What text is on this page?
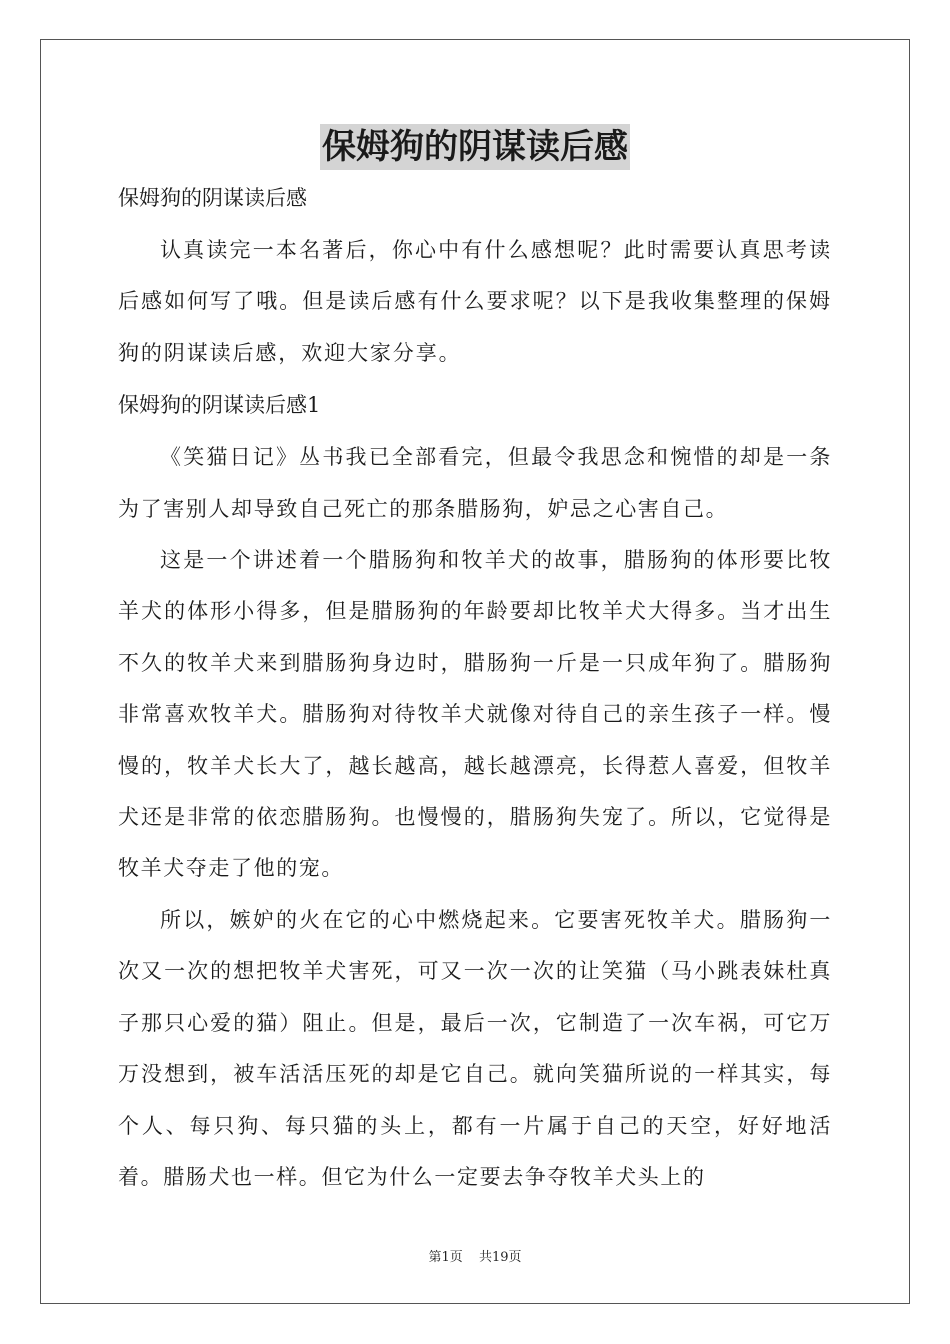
保姆狗的阴谋读后感
保姆狗的阴谋读后感

认真读完一本名著后，你心中有什么感想呢？此时需要认真思考读后感如何写了哦。但是读后感有什么要求呢？以下是我收集整理的保姆狗的阴谋读后感，欢迎大家分享。

保姆狗的阴谋读后感1

《笑猫日记》丛书我已全部看完，但最令我思念和惋惜的却是一条为了害别人却导致自己死亡的那条腊肠狗，妒忌之心害自己。

这是一个讲述着一个腊肠狗和牧羊犬的故事，腊肠狗的体形要比牧羊犬的体形小得多，但是腊肠狗的年龄要却比牧羊犬大得多。当才出生不久的牧羊犬来到腊肠狗身边时，腊肠狗一斤是一只成年狗了。腊肠狗非常喜欢牧羊犬。腊肠狗对待牧羊犬就像对待自己的亲生孩子一样。慢慢的，牧羊犬长大了，越长越高，越长越漂亮，长得惹人喜爱，但牧羊犬还是非常的依恋腊肠狗。也慢慢的，腊肠狗失宠了。所以，它觉得是牧羊犬夺走了他的宠。

所以，嫉妒的火在它的心中燃烧起来。它要害死牧羊犬。腊肠狗一次又一次的想把牧羊犬害死，可又一次一次的让笑猫（马小跳表妹杜真子那只心爱的猫）阻止。但是，最后一次，它制造了一次车祸，可它万万没想到，被车活活压死的却是它自己。就向笑猫所说的一样其实，每个人、每只狗、每只猫的头上，都有一片属于自己的天空，好好地活着。腊肠犬也一样。但它为什么一定要去争夺牧羊犬头上的

第1页 共19页
